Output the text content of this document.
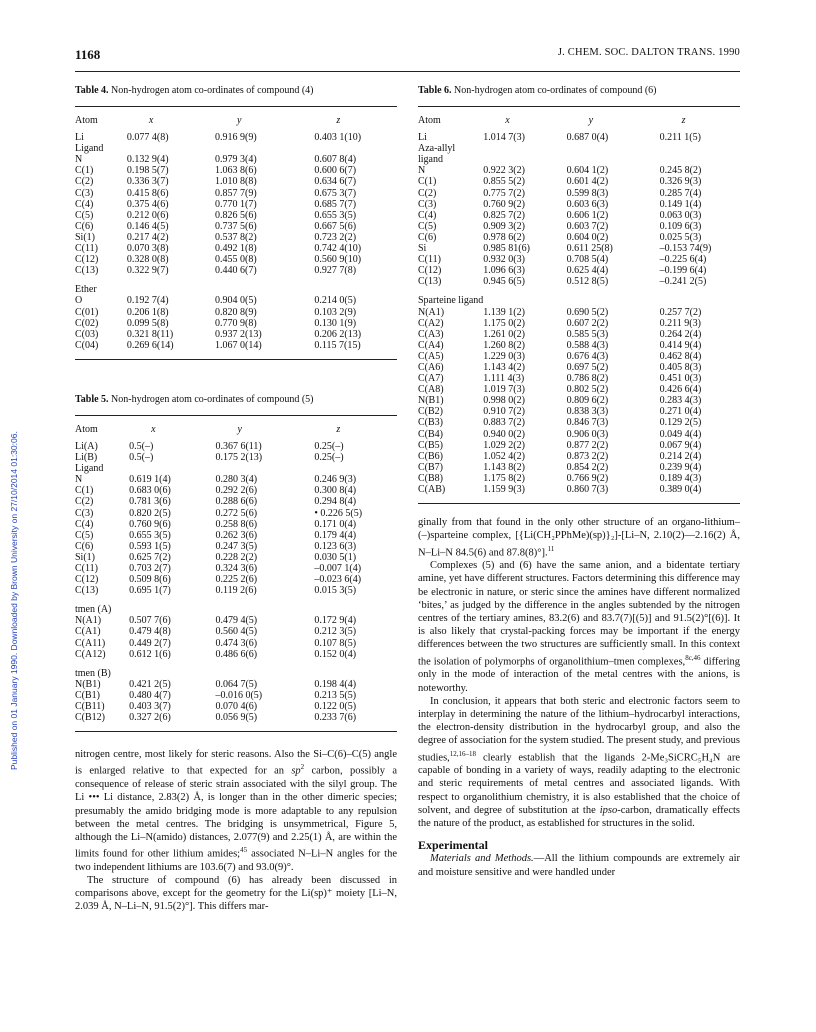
Published on 01 January 1990. Downloaded by Brown University on 27/10/2014 01:30:06.
1168	J. CHEM. SOC. DALTON TRANS. 1990
Table 4. Non-hydrogen atom co-ordinates of compound (4)
Atom	x	y	z

Li	0.077 4(8)	0.916 9(9)	0.403 1(10)
Ligand			
N	0.132 9(4)	0.979 3(4)	0.607 8(4)
C(1)	0.198 5(7)	1.063 8(6)	0.600 6(7)
C(2)	0.336 3(7)	1.010 8(8)	0.634 6(7)
C(3)	0.415 8(6)	0.857 7(9)	0.675 3(7)
C(4)	0.375 4(6)	0.770 1(7)	0.685 7(7)
C(5)	0.212 0(6)	0.826 5(6)	0.655 3(5)
C(6)	0.146 4(5)	0.737 5(6)	0.667 5(6)
Si(1)	0.217 4(2)	0.537 8(2)	0.723 2(2)
C(11)	0.070 3(8)	0.492 1(8)	0.742 4(10)
C(12)	0.328 0(8)	0.455 0(8)	0.560 9(10)
C(13)	0.322 9(7)	0.440 6(7)	0.927 7(8)

Ether			
O	0.192 7(4)	0.904 0(5)	0.214 0(5)
C(01)	0.206 1(8)	0.820 8(9)	0.103 2(9)
C(02)	0.099 5(8)	0.770 9(8)	0.130 1(9)
C(03)	0.321 8(11)	0.937 2(13)	0.206 2(13)
C(04)	0.269 6(14)	1.067 0(14)	0.115 7(15)
Table 5. Non-hydrogen atom co-ordinates of compound (5)
Atom	x	y	z

Li(A)	0.5(–)	0.367 6(11)	0.25(–)
Li(B)	0.5(–)	0.175 2(13)	0.25(–)
Ligand			
N	0.619 1(4)	0.280 3(4)	0.246 9(3)
C(1)	0.683 0(6)	0.292 2(6)	0.300 8(4)
C(2)	0.781 3(6)	0.288 6(6)	0.294 8(4)
C(3)	0.820 2(5)	0.272 5(6)	• 0.226 5(5)
C(4)	0.760 9(6)	0.258 8(6)	0.171 0(4)
C(5)	0.655 3(5)	0.262 3(6)	0.179 4(4)
C(6)	0.593 1(5)	0.247 3(5)	0.123 6(3)
Si(1)	0.625 7(2)	0.228 2(2)	0.030 5(1)
C(11)	0.703 2(7)	0.324 3(6)	–0.007 1(4)
C(12)	0.509 8(6)	0.225 2(6)	–0.023 6(4)
C(13)	0.695 1(7)	0.119 2(6)	0.015 3(5)

tmen (A)			
N(A1)	0.507 7(6)	0.479 4(5)	0.172 9(4)
C(A1)	0.479 4(8)	0.560 4(5)	0.212 3(5)
C(A11)	0.449 2(7)	0.474 3(6)	0.107 8(5)
C(A12)	0.612 1(6)	0.486 6(6)	0.152 0(4)

tmen (B)			
N(B1)	0.421 2(5)	0.064 7(5)	0.198 4(4)
C(B1)	0.480 4(7)	–0.016 0(5)	0.213 5(5)
C(B11)	0.403 3(7)	0.070 4(6)	0.122 0(5)
C(B12)	0.327 2(6)	0.056 9(5)	0.233 7(6)

nitrogen centre, most likely for steric reasons. Also the Si–C(6)–C(5) angle is enlarged relative to that expected for an $sp^2$ carbon, possibly a consequence of release of steric strain associated with the silyl group. The Li ••• Li distance, 2.83(2) Å, is longer than in the other dimeric species; presumably the amido bridging mode is more adaptable to any repulsion between the metal centres. The bridging is unsymmetrical, Figure 5, although the Li–N(amido) distances, 2.077(9) and 2.25(1) Å, are within the limits found for other lithium amides;$^{45}$ associated N–Li–N angles for the two independent lithiums are 103.6(7) and 93.0(9)°.

The structure of compound (6) has already been discussed in comparisons above, except for the geometry for the Li(sp)⁺ moiety [Li–N, 2.039 Å, N–Li–N, 91.5(2)°]. This differs mar-

Table 6. Non-hydrogen atom co-ordinates of compound (6)
Atom	x	y	z

Li	1.014 7(3)	0.687 0(4)	0.211 1(5)
Aza-allyl			
ligand			
N	0.922 3(2)	0.604 1(2)	0.245 8(2)
C(1)	0.855 5(2)	0.601 4(2)	0.326 9(3)
C(2)	0.775 7(2)	0.599 8(3)	0.285 7(4)
C(3)	0.760 9(2)	0.603 6(3)	0.149 1(4)
C(4)	0.825 7(2)	0.606 1(2)	0.063 0(3)
C(5)	0.909 3(2)	0.603 7(2)	0.109 6(3)
C(6)	0.978 6(2)	0.604 0(2)	0.025 5(3)
Si	0.985 81(6)	0.611 25(8)	–0.153 74(9)
C(11)	0.932 0(3)	0.708 5(4)	–0.225 6(4)
C(12)	1.096 6(3)	0.625 4(4)	–0.199 6(4)
C(13)	0.945 6(5)	0.512 8(5)	–0.241 2(5)

Sparteine ligand			
N(A1)	1.139 1(2)	0.690 5(2)	0.257 7(2)
C(A2)	1.175 0(2)	0.607 2(2)	0.211 9(3)
C(A3)	1.261 0(2)	0.585 5(3)	0.264 2(4)
C(A4)	1.260 8(2)	0.588 4(3)	0.414 9(4)
C(A5)	1.229 0(3)	0.676 4(3)	0.462 8(4)
C(A6)	1.143 4(2)	0.697 5(2)	0.405 8(3)
C(A7)	1.111 4(3)	0.786 8(2)	0.451 0(3)
C(A8)	1.019 7(3)	0.802 5(2)	0.426 6(4)
N(B1)	0.998 0(2)	0.809 6(2)	0.283 4(3)
C(B2)	0.910 7(2)	0.838 3(3)	0.271 0(4)
C(B3)	0.883 7(2)	0.846 7(3)	0.129 2(5)
C(B4)	0.940 0(2)	0.906 0(3)	0.049 4(4)
C(B5)	1.029 2(2)	0.877 2(2)	0.067 9(4)
C(B6)	1.052 4(2)	0.873 2(2)	0.214 2(4)
C(B7)	1.143 8(2)	0.854 2(2)	0.239 9(4)
C(B8)	1.175 8(2)	0.766 9(2)	0.189 4(3)
C(AB)	1.159 9(3)	0.860 7(3)	0.389 0(4)

ginally from that found in the only other structure of an organo-lithium–(–)sparteine complex, [{Li(CH₂PPhMe)(sp)}₂]-[Li–N, 2.10(2)—2.16(2) Å, N–Li–N 84.5(6) and 87.8(8)°].$^{11}$

Complexes (5) and (6) have the same anion, and a bidentate tertiary amine, yet have different structures. Factors determining this difference may be electronic in nature, or steric since the amines have different normalized ‘bites,’ as judged by the difference in the angles subtended by the nitrogen centres of the tertiary amines, 83.2(6) and 83.7(7)[(5)] and 91.5(2)°[(6)]. It is also likely that crystal-packing forces may be important if the energy differences between the two structures are sufficiently small. In this context the isolation of polymorphs of organolithium–tmen complexes,$^{8c,46}$ differing only in the mode of interaction of the metal centres with the anions, is noteworthy.

In conclusion, it appears that both steric and electronic factors seem to interplay in determining the nature of the lithium–hydrocarbyl interactions, the electron-density distribution in the hydrocarbyl group, and also the degree of association for the system studied. The present study, and previous studies,$^{12,16-18}$ clearly establish that the ligands 2-Me₃SiCRC₅H₄N are capable of bonding in a variety of ways, readily adapting to the electronic and steric requirements of metal centres and associated ligands. With respect to organolithium chemistry, it is also established that the choice of solvent, and degree of substitution at the ipso-carbon, dramatically effects the nature of the product, as established for structures in the solid.

Experimental

Materials and Methods.—All the lithium compounds are extremely air and moisture sensitive and were handled under
